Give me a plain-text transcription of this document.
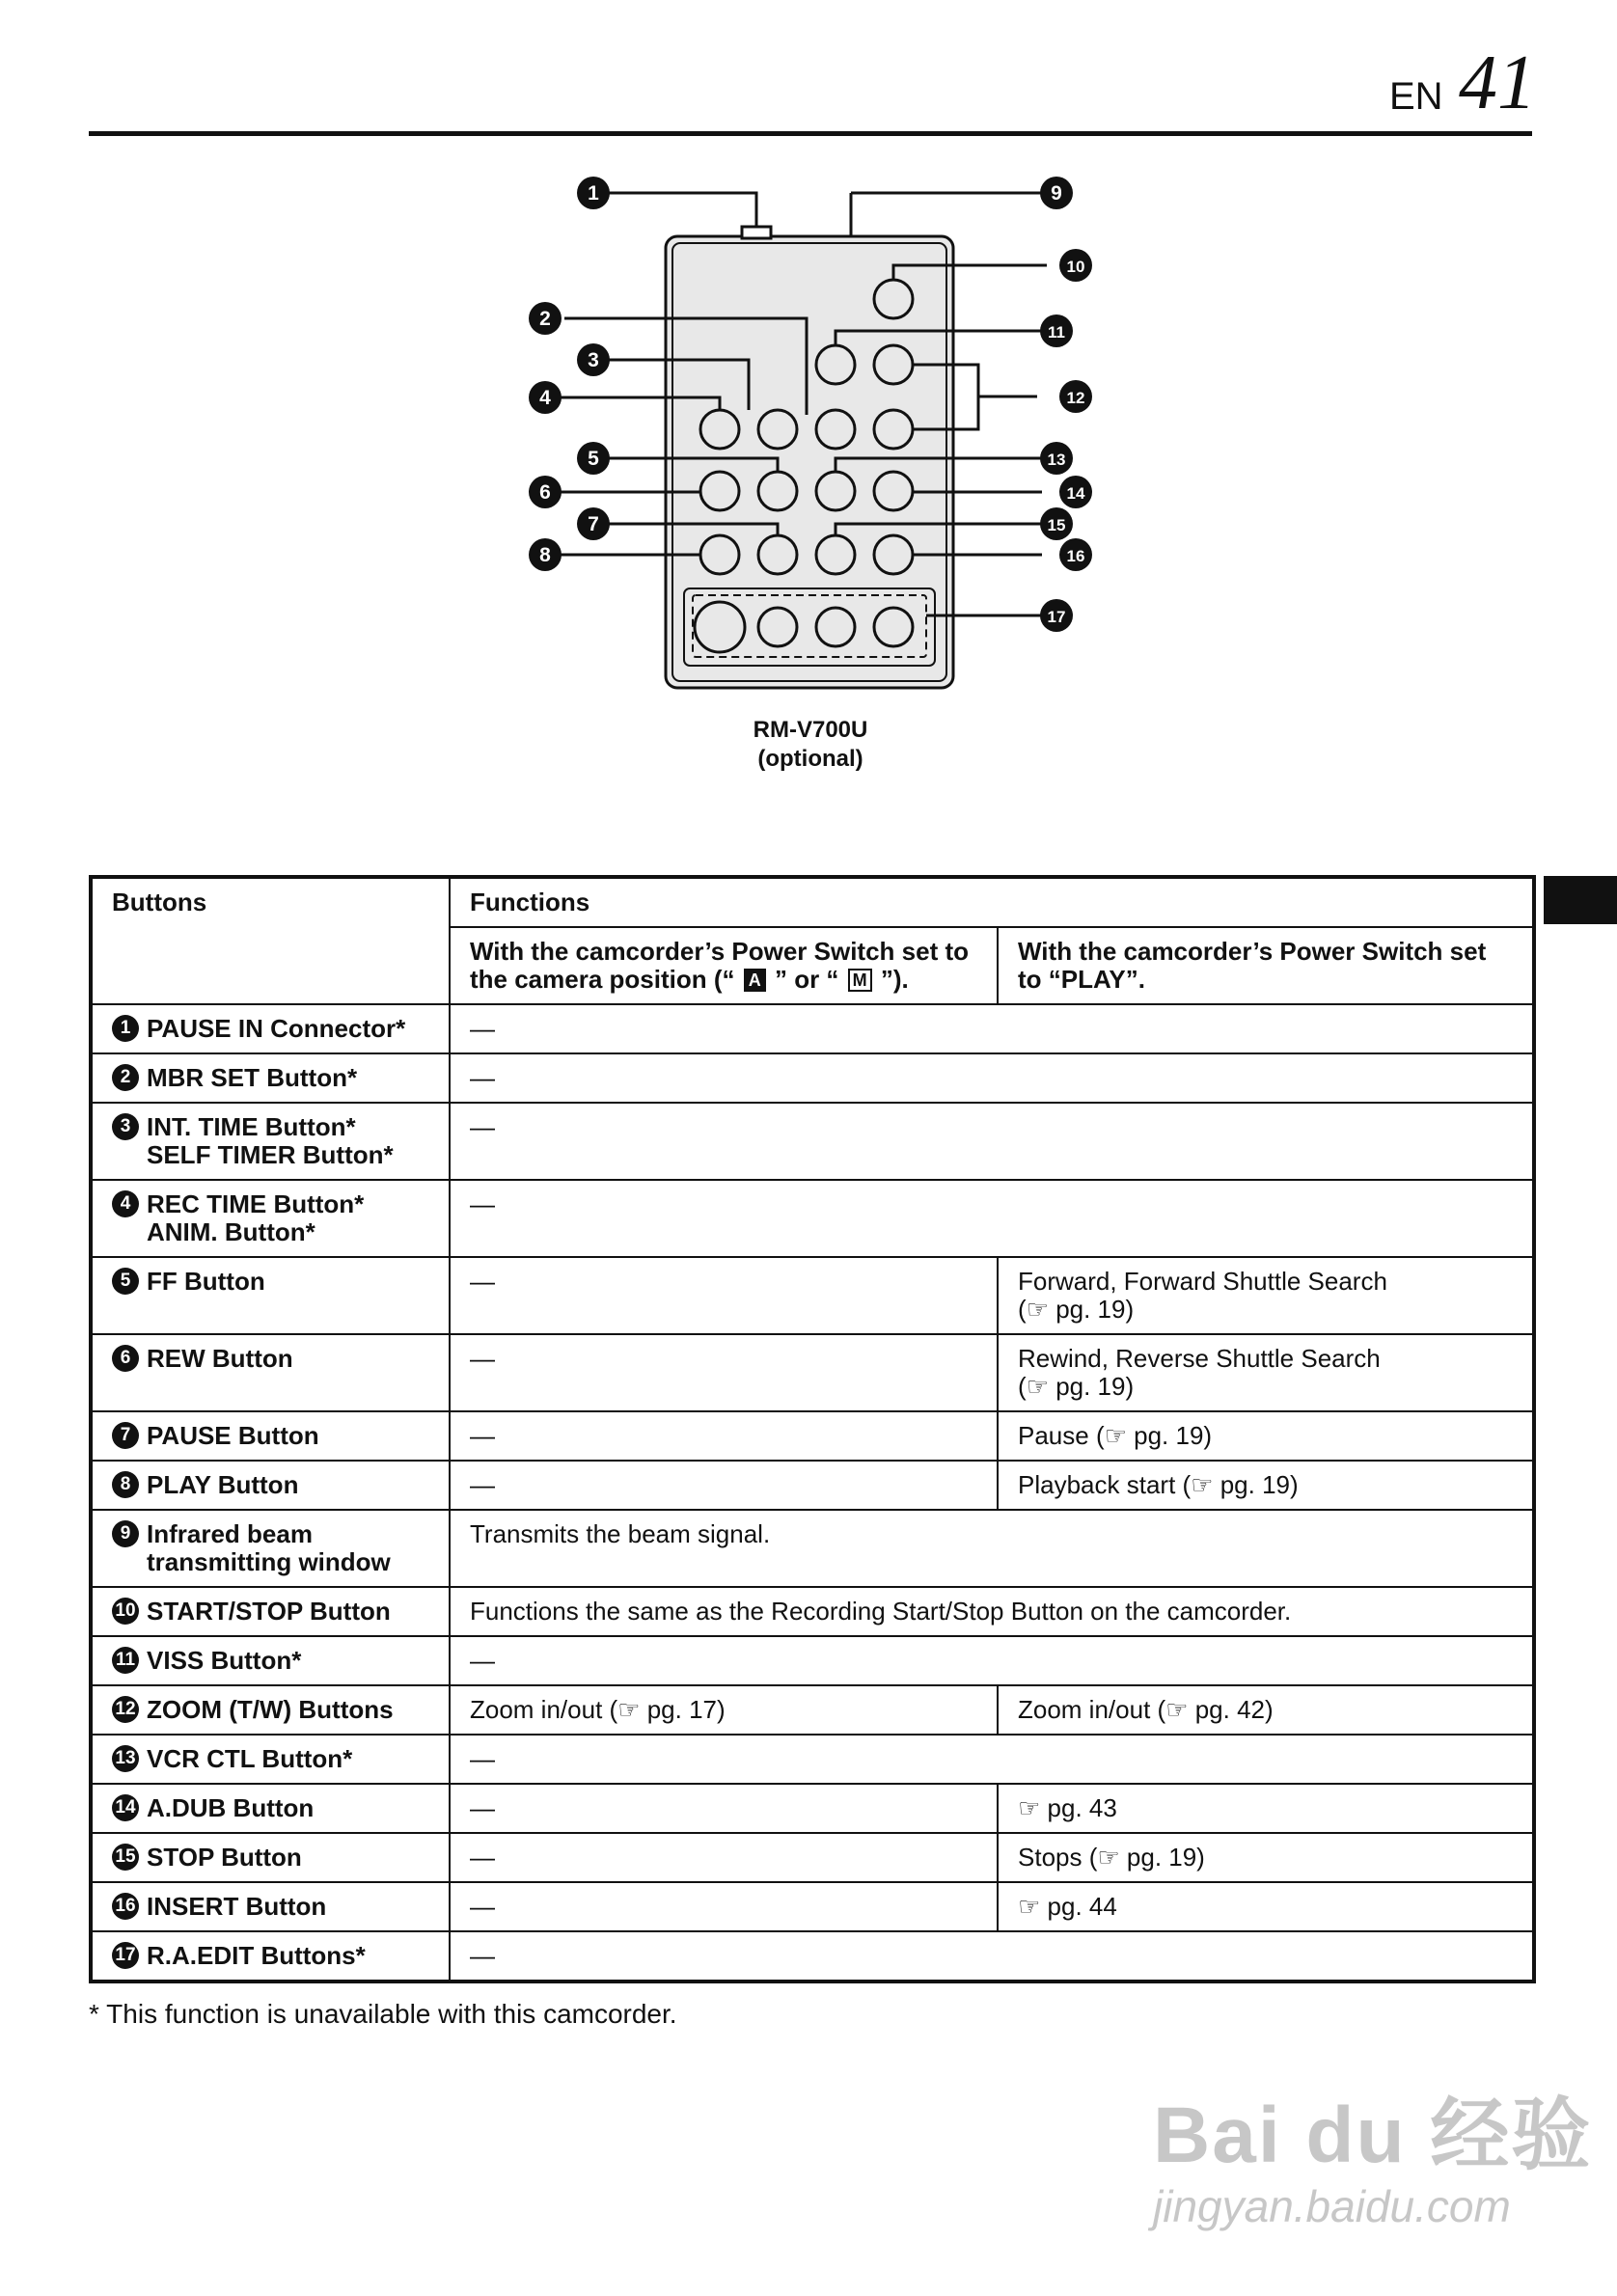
EN 41
1
2
3
4
5
6
7
8
9
10
11
12
13
14
15
16
17
RM-V700U
(optional)
Buttons	Functions	
	With the camcorder’s Power Switch set to the camera position (“ A ” or “ M ”).	With the camcorder’s Power Switch set to “PLAY”.
1 PAUSE IN Connector*	—	
2 MBR SET Button*	—	
3 INT. TIME Button*
SELF TIMER Button*	—	
4 REC TIME Button*
ANIM. Button*	—	
5 FF Button	—	Forward, Forward Shuttle Search
(☞ pg. 19)
6 REW Button	—	Rewind, Reverse Shuttle Search
(☞ pg. 19)
7 PAUSE Button	—	Pause (☞ pg. 19)
8 PLAY Button	—	Playback start (☞ pg. 19)
9 Infrared beam
transmitting window	Transmits the beam signal.	
10 START/STOP Button	Functions the same as the Recording Start/Stop Button on the camcorder.	
11 VISS Button*	—	
12 ZOOM (T/W) Buttons	Zoom in/out (☞ pg. 17)	Zoom in/out (☞ pg. 42)
13 VCR CTL Button*	—	
14 A.DUB Button	—	☞ pg. 43
15 STOP Button	—	Stops (☞ pg. 19)
16 INSERT Button	—	☞ pg. 44
17 R.A.EDIT Buttons*	—	
* This function is unavailable with this camcorder.
Bai du 经验
jingyan.baidu.com
